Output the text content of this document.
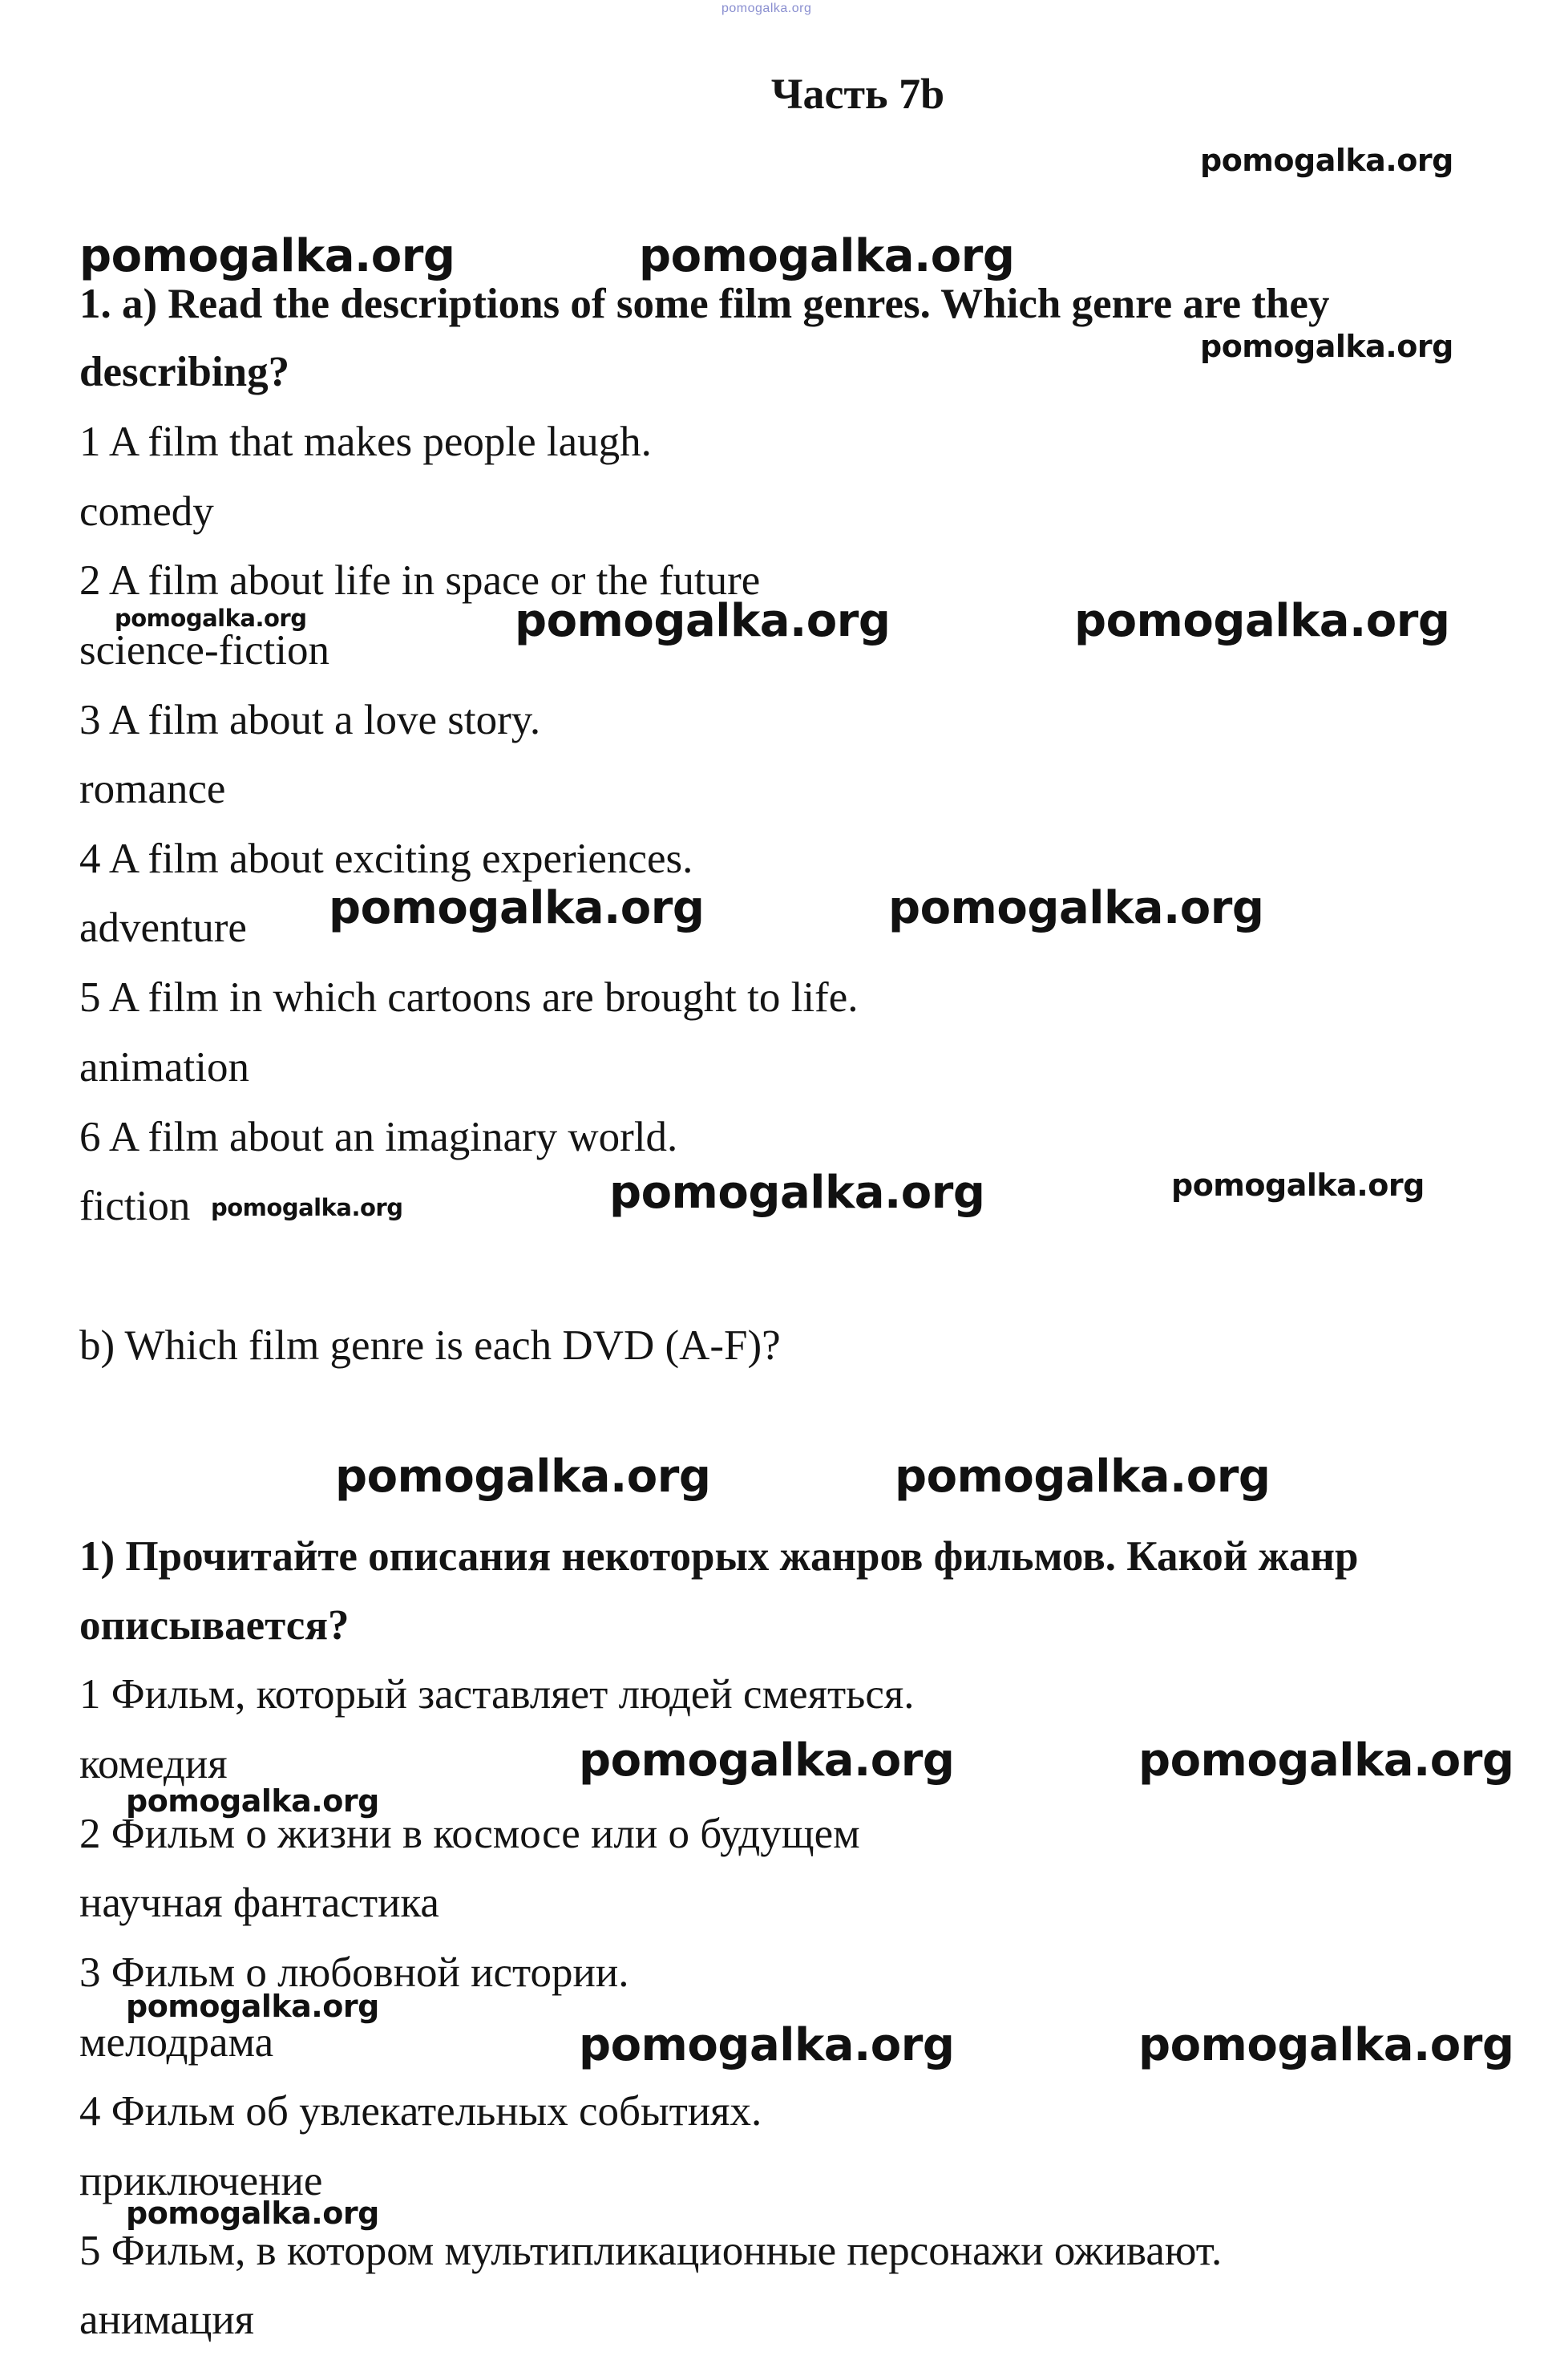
pomogalka.org
Часть 7b
1. a) Read the descriptions of some film genres. Which genre are they
describing?
1 A film that makes people laugh.
comedy
2 A film about life in space or the future
science-fiction
3 A film about a love story.
romance
4 A film about exciting experiences.
adventure
5 A film in which cartoons are brought to life.
animation
6 A film about an imaginary world.
fiction
b) Which film genre is each DVD (A-F)?
1) Прочитайте описания некоторых жанров фильмов. Какой жанр
описывается?
1 Фильм, который заставляет людей смеяться.
комедия
2 Фильм о жизни в космосе или о будущем
научная фантастика
3 Фильм о любовной истории.
мелодрама
4 Фильм об увлекательных событиях.
приключение
5 Фильм, в котором мультипликационные персонажи оживают.
анимация
pomogalka.org
pomogalka.org	pomogalka.org
pomogalka.org
pomogalka.org	pomogalka.org	pomogalka.org
pomogalka.org	pomogalka.org
pomogalka.org	pomogalka.org	pomogalka.org
pomogalka.org	pomogalka.org
pomogalka.org	pomogalka.org
pomogalka.org
pomogalka.org
pomogalka.org	pomogalka.org
pomogalka.org
